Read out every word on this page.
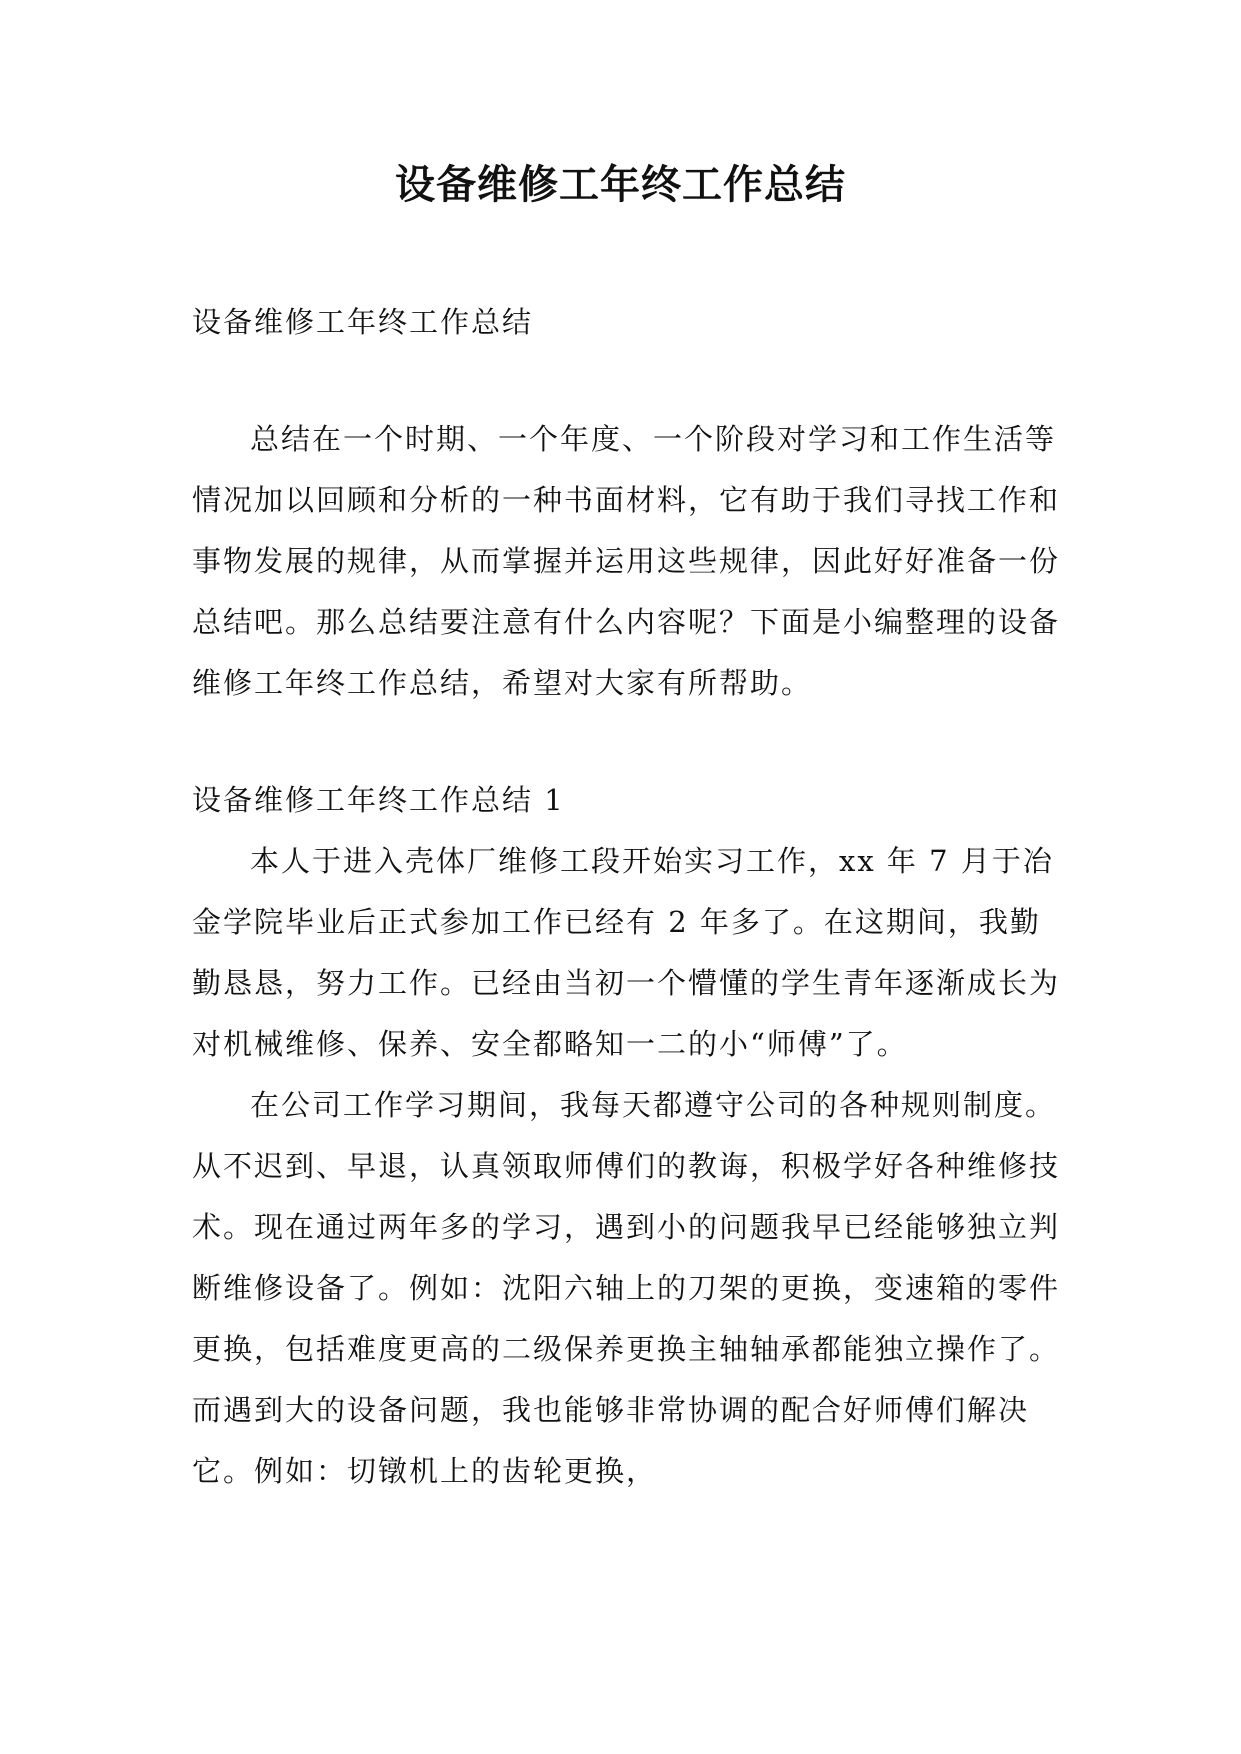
设备维修工年终工作总结

设备维修工年终工作总结

总结在一个时期、一个年度、一个阶段对学习和工作生活等情况加以回顾和分析的一种书面材料，它有助于我们寻找工作和事物发展的规律，从而掌握并运用这些规律，因此好好准备一份总结吧。那么总结要注意有什么内容呢？下面是小编整理的设备维修工年终工作总结，希望对大家有所帮助。

设备维修工年终工作总结 1

本人于进入壳体厂维修工段开始实习工作，xx 年 7 月于冶金学院毕业后正式参加工作已经有 2 年多了。在这期间，我勤勤恳恳，努力工作。已经由当初一个懵懂的学生青年逐渐成长为对机械维修、保养、安全都略知一二的小“师傅”了。

在公司工作学习期间，我每天都遵守公司的各种规则制度。从不迟到、早退，认真领取师傅们的教诲，积极学好各种维修技术。现在通过两年多的学习，遇到小的问题我早已经能够独立判断维修设备了。例如：沈阳六轴上的刀架的更换，变速箱的零件更换，包括难度更高的二级保养更换主轴轴承都能独立操作了。而遇到大的设备问题，我也能够非常协调的配合好师傅们解决它。例如：切镦机上的齿轮更换，
